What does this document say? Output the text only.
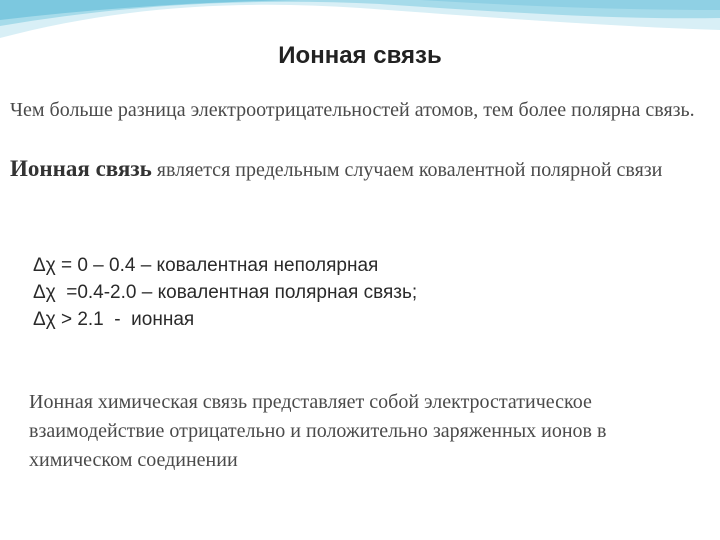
Ионная связь
Чем больше разница электроотрицательностей атомов, тем более полярна связь.
Ионная связь является предельным случаем ковалентной полярной связи
Δχ = 0 – 0.4 – ковалентная неполярная
Δχ  =0.4-2.0 – ковалентная полярная связь;
Δχ > 2.1  -  ионная
Ионная химическая связь представляет собой электростатическое взаимодействие отрицательно и положительно заряженных ионов в химическом соединении
